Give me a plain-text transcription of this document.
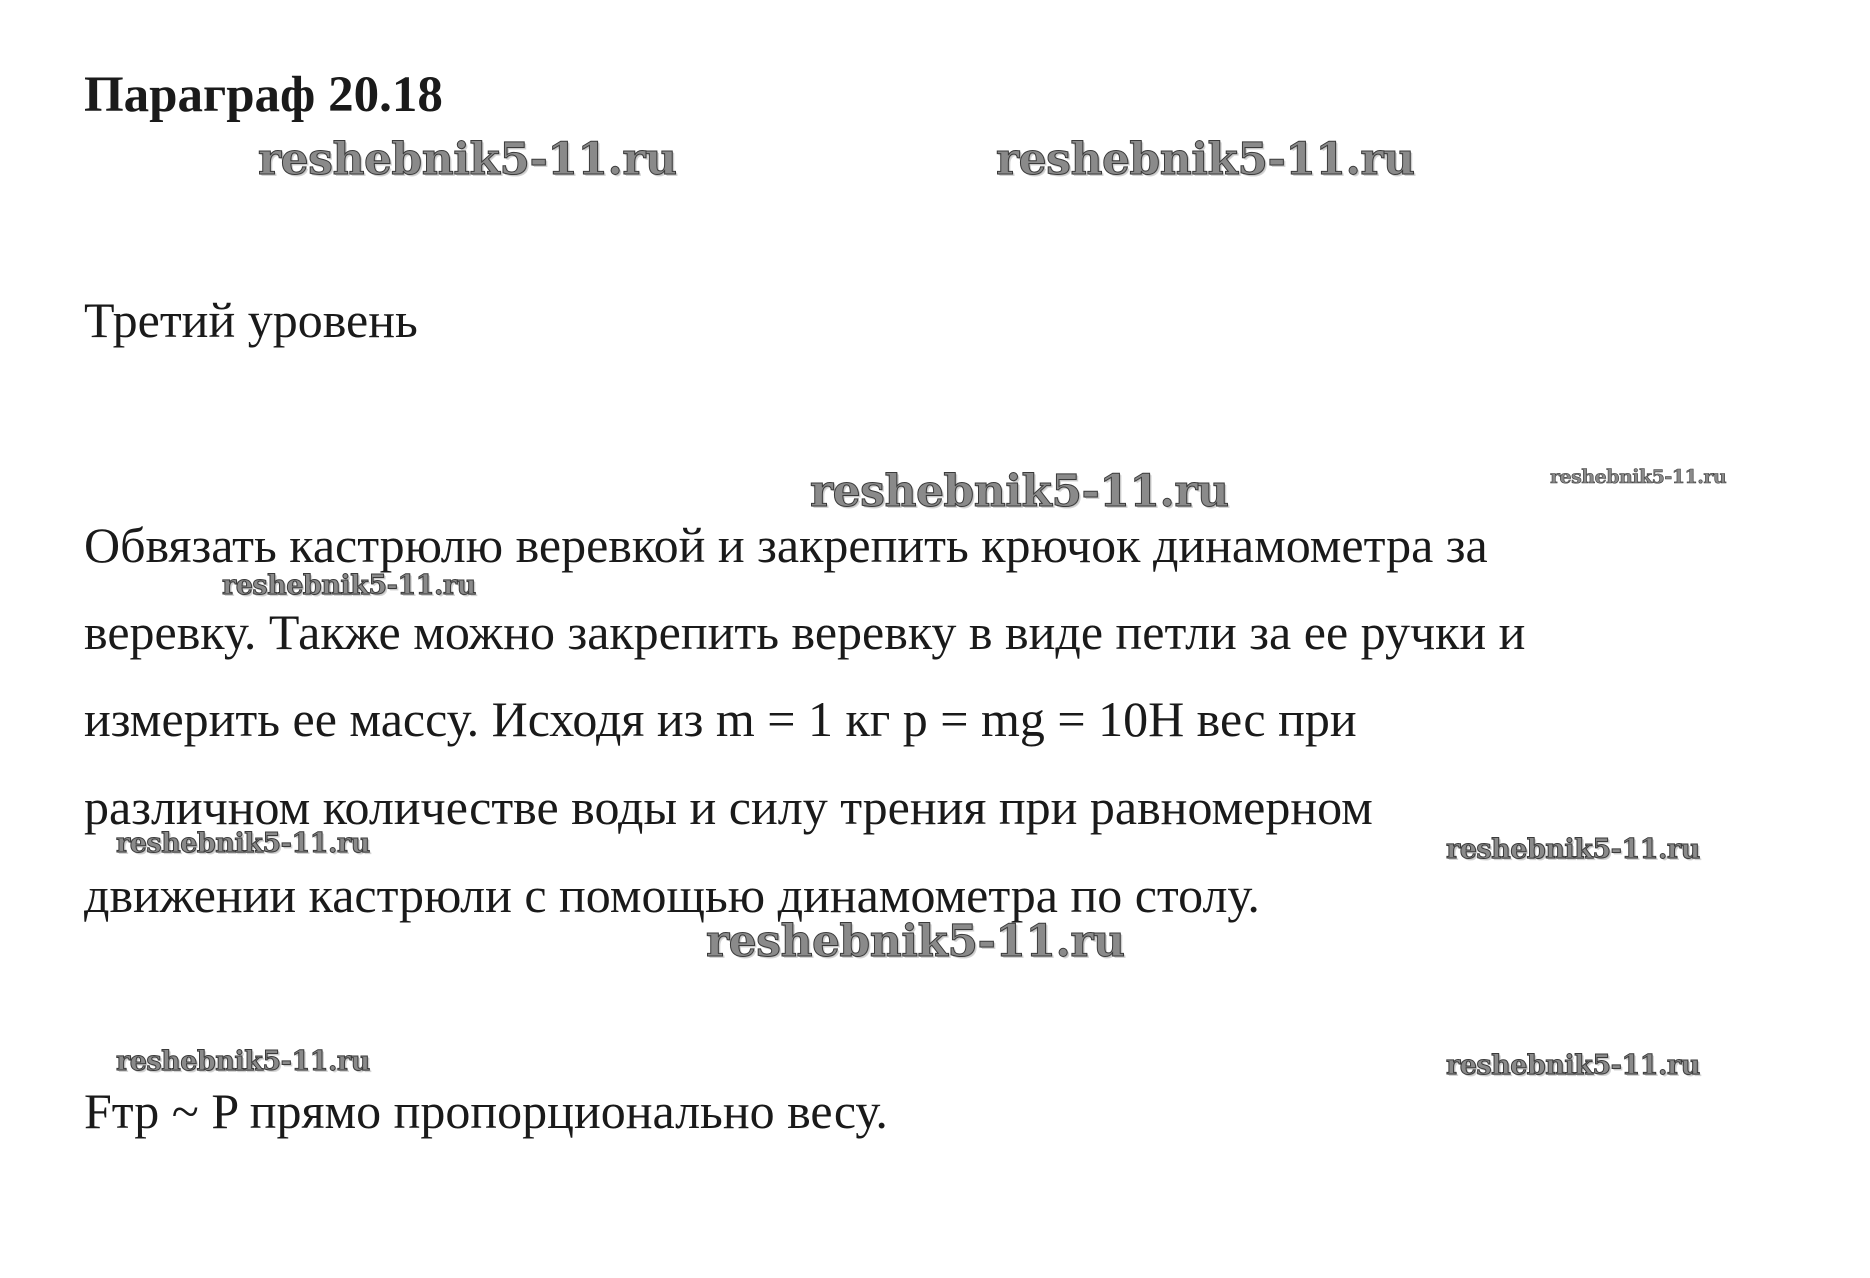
Параграф 20.18
Третий уровень

Обвязать кастрюлю веревкой и закрепить крючок динамометра за

веревку. Также можно закрепить веревку в виде петли за ее ручки и

измерить ее массу. Исходя из m = 1 кг p = mg = 10Н вес при

различном количестве воды и силу трения при равномерном

движении кастрюли с помощью динамометра по столу.

Fтр ~ P прямо пропорционально весу.

reshebnik5-11.ru	reshebnik5-11.ru
reshebnik5-11.ru	reshebnik5-11.ru
reshebnik5-11.ru
reshebnik5-11.ru	reshebnik5-11.ru
reshebnik5-11.ru
reshebnik5-11.ru	reshebnik5-11.ru
